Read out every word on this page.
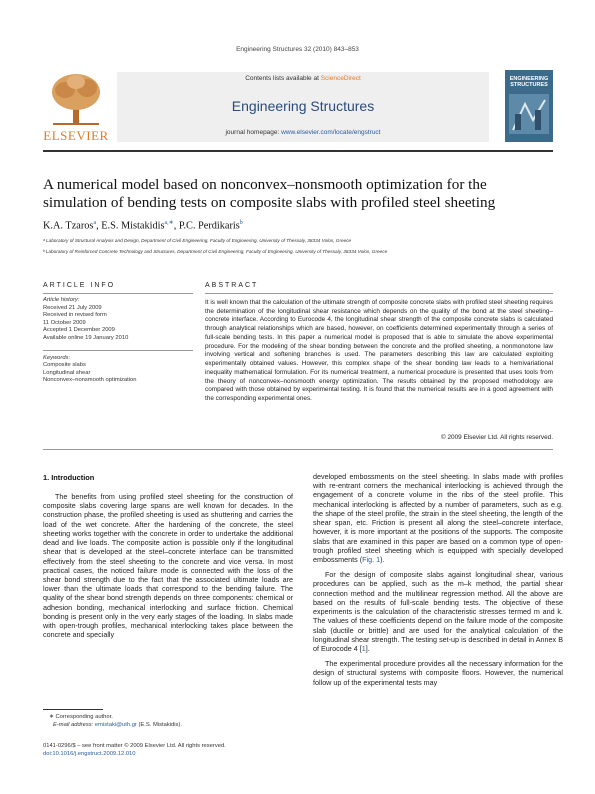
Engineering Structures 32 (2010) 843–853
ELSEVIER
Contents lists available at ScienceDirect
Engineering Structures
journal homepage: www.elsevier.com/locate/engstruct
ENGINEERING
STRUCTURES
A numerical model based on nonconvex–nonsmooth optimization for the
simulation of bending tests on composite slabs with profiled steel sheeting
K.A. Tzaros$^a$, E.S. Mistakidis$^{a,∗}$, P.C. Perdikaris$^b$
ᵃ Laboratory of Structural Analysis and Design, Department of Civil Engineering, Faculty of Engineering, University of Thessaly, 38334 Volos, Greece
ᵇ Laboratory of Reinforced Concrete Technology and Structures, Department of Civil Engineering, Faculty of Engineering, University of Thessaly, 38334 Volos, Greece
ARTICLE INFO	ABSTRACT
Article history:
Received 21 July 2009
Received in revised form
11 October 2009
Accepted 1 December 2009
Available online 19 January 2010
Keywords:
Composite slabs
Longitudinal shear
Nonconvex–nonsmooth optimization
It is well known that the calculation of the ultimate strength of composite concrete slabs with profiled steel sheeting requires the determination of the longitudinal shear resistance which depends on the quality of the bond at the steel sheeting–concrete interface. According to Eurocode 4, the longitudinal shear strength of the composite concrete slabs is calculated through analytical relationships which are based, however, on coefficients determined experimentally through a series of full-scale bending tests. In this paper a numerical model is proposed that is able to simulate the above experimental procedure. For the modeling of the shear bonding between the concrete and the profiled sheeting, a nonmonotone law involving vertical and softening branches is used. The parameters describing this law are calculated exploiting experimentally obtained values. However, this complex shape of the shear bonding law leads to a hemivariational inequality mathematical formulation. For its numerical treatment, a numerical procedure is presented that uses tools from the theory of nonconvex–nonsmooth energy optimization. The results obtained by the proposed methodology are compared with those obtained by experimental testing. It is found that the numerical results are in a good agreement with the corresponding experimental ones.
© 2009 Elsevier Ltd. All rights reserved.
1. Introduction

The benefits from using profiled steel sheeting for the construction of composite slabs covering large spans are well known for decades. In the construction phase, the profiled sheeting is used as shuttering and carries the load of the wet concrete. After the hardening of the concrete, the steel sheeting works together with the concrete in order to undertake the additional dead and live loads. The composite action is possible only if the longitudinal shear that is developed at the steel–concrete interface can be transmitted effectively from the steel sheeting to the concrete and vice versa. In most practical cases, the noticed failure mode is connected with the loss of the shear bond strength due to the fact that the associated ultimate loads are lower than the ultimate loads that correspond to the bending failure. The quality of the shear bond strength depends on three components: chemical or adhesion bonding, mechanical interlocking and surface friction. Chemical bonding is present only in the very early stages of the loading. In slabs made with open-trough profiles, mechanical interlocking takes place between the concrete and specially

developed embossments on the steel sheeting. In slabs made with profiles with re-entrant corners the mechanical interlocking is achieved through the engagement of a concrete volume in the ribs of the steel profile. This mechanical interlocking is affected by a number of parameters, such as e.g. the shape of the steel profile, the strain in the steel sheeting, the length of the shear span, etc. Friction is present all along the steel–concrete interface, however, it is more important at the positions of the supports. The composite slabs that are examined in this paper are based on a common type of open-trough profiled steel sheeting which is equipped with specially developed embossments (Fig. 1).

For the design of composite slabs against longitudinal shear, various procedures can be applied, such as the m–k method, the partial shear connection method and the multilinear regression method. All the above are based on the results of full-scale bending tests. The objective of these experiments is the calculation of the characteristic stresses termed m and k. The values of these coefficients depend on the failure mode of the composite slab (ductile or brittle) and are used for the analytical calculation of the longitudinal shear strength. The testing set-up is described in detail in Annex B of Eurocode 4 [1].

The experimental procedure provides all the necessary information for the design of structural systems with composite floors. However, the numerical follow up of the experimental tests may

∗ Corresponding author.
E-mail address: emistaki@uth.gr (E.S. Mistakidis).
0141-0296/$ – see front matter © 2009 Elsevier Ltd. All rights reserved.
doi:10.1016/j.engstruct.2009.12.010
